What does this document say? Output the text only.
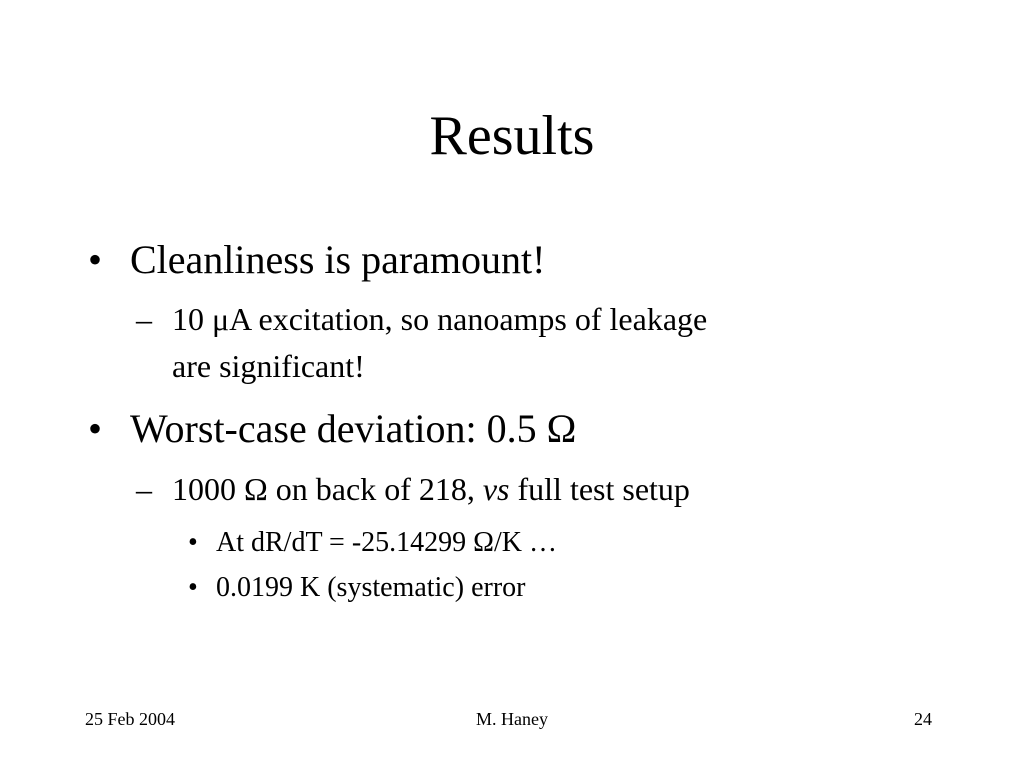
Results
• Cleanliness is paramount!
– 10 μA excitation, so nanoamps of leakage
are significant!
• Worst-case deviation: 0.5 Ω
– 1000 Ω on back of 218, vs full test setup
• At dR/dT = -25.14299 Ω/K …
• 0.0199 K (systematic) error
25 Feb 2004	M. Haney	24
